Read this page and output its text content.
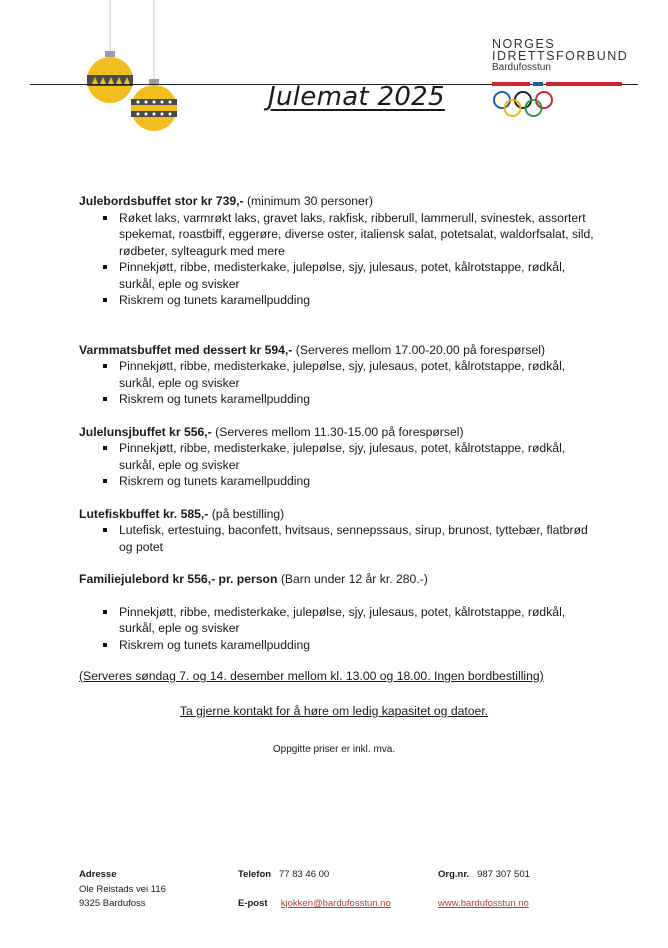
Julemat 2025
NORGES
IDRETTSFORBUND
Bardufosstun

Julebordsbuffet stor kr 739,- (minimum 30 personer)

Røket laks, varmrøkt laks, gravet laks, rakfisk, ribberull, lammerull, svinestek, assortert spekemat, roastbiff, eggerøre, diverse oster, italiensk salat, potetsalat, waldorfsalat, sild, rødbeter, sylteagurk med mere
Pinnekjøtt, ribbe, medisterkake, julepølse, sjy, julesaus, potet, kålrotstappe, rødkål, surkål, eple og svisker
Riskrem og tunets karamellpudding

Varmmatsbuffet med dessert kr 594,- (Serveres mellom 17.00-20.00 på forespørsel)

Pinnekjøtt, ribbe, medisterkake, julepølse, sjy, julesaus, potet, kålrotstappe, rødkål, surkål, eple og svisker
Riskrem og tunets karamellpudding

Julelunsjbuffet kr 556,- (Serveres mellom 11.30-15.00 på forespørsel)

Pinnekjøtt, ribbe, medisterkake, julepølse, sjy, julesaus, potet, kålrotstappe, rødkål, surkål, eple og svisker
Riskrem og tunets karamellpudding

Lutefiskbuffet kr. 585,- (på bestilling)

Lutefisk, ertestuing, baconfett, hvitsaus, sennepssaus, sirup, brunost, tyttebær, flatbrød og potet

Familiejulebord kr 556,- pr. person (Barn under 12 år kr. 280.-)

Pinnekjøtt, ribbe, medisterkake, julepølse, sjy, julesaus, potet, kålrotstappe, rødkål, surkål, eple og svisker
Riskrem og tunets karamellpudding
(Serveres søndag 7. og 14. desember mellom kl. 13.00 og 18.00. Ingen bordbestilling)
Ta gjerne kontakt for å høre om ledig kapasitet og datoer.
Oppgitte priser er inkl. mva.
Adresse
Ole Reistads vei 116
9325 Bardufoss
Telefon 77 83 46 00
E-post kjokken@bardufosstun.no
Org.nr. 987 307 501
www.bardufosstun.no
